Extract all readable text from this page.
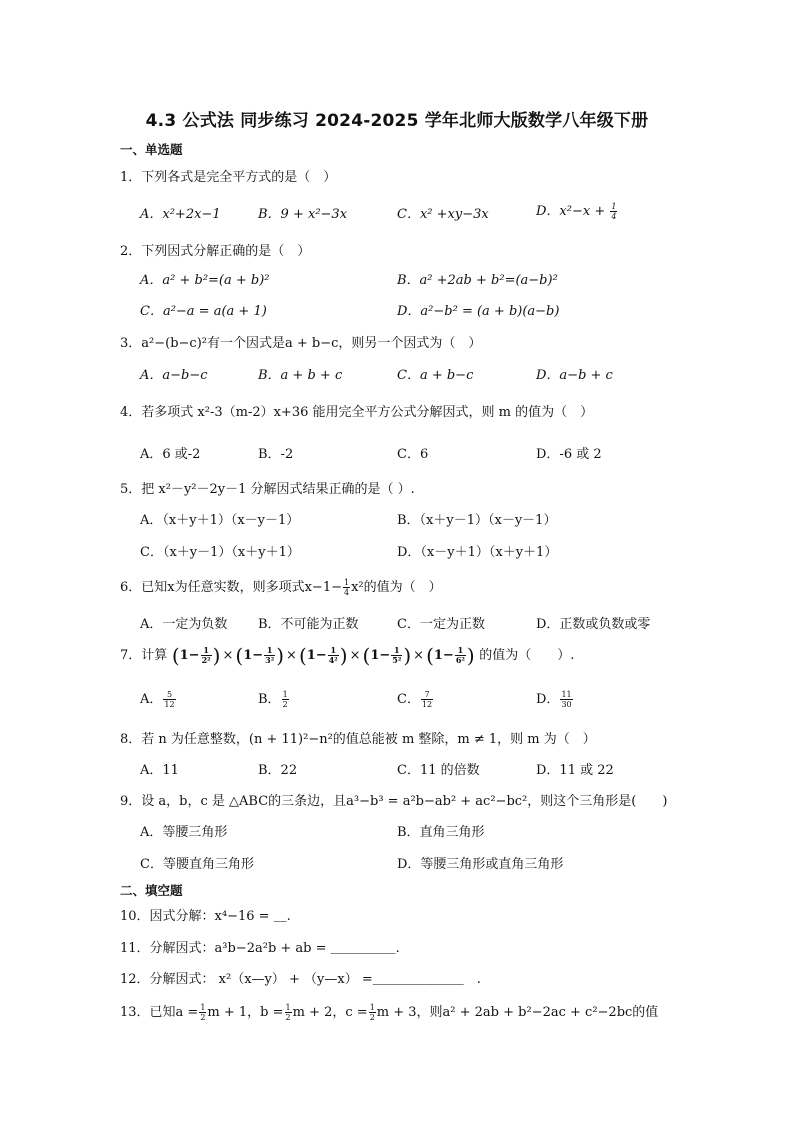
4.3 公式法 同步练习 2024-2025 学年北师大版数学八年级下册
一、单选题
1．下列各式是完全平方式的是（　）
A．x²+2x−1	B．9 + x²−3x	C．x² +xy−3x	D．$x^2-x + \frac{1}{4}$
2．下列因式分解正确的是（　）
A．a² + b²=(a + b)²	B．a² +2ab + b²=(a−b)²
C．a²−a = a(a + 1)	D．a²−b² = (a + b)(a−b)
3．a²−(b−c)²有一个因式是a + b−c，则另一个因式为（　）
A．a−b−c	B．a + b + c	C．a + b−c	D．a−b + c
4．若多项式 x²-3（m-2）x+36 能用完全平方公式分解因式，则 m 的值为（　）
A．6 或-2	B．-2	C．6	D．-6 或 2
5．把 x²－y²－2y－1 分解因式结果正确的是（ ）.
A．（x＋y＋1）（x－y－1）	B．（x＋y－1）（x－y－1）
C．（x＋y－1）（x＋y＋1）	D．（x－y＋1）（x＋y＋1）
6．已知x为任意实数，则多项式$x-1- \frac{1}{4} x^2$的值为（　）
A．一定为负数 B．不可能为正数	C．一定为正数	D．正数或负数或零
7．计算 ($1- \frac{1}{\text{2²}}$ ) × ($1- \frac{1}{\text{3²}}$ ) × ($1- \frac{1}{\text{4²}}$ ) × ($1- \frac{1}{\text{5²}}$ ) × ($1- \frac{1}{\text{6²}}$ ) 的值为（　　）.
A． $\frac{5}{12}$	B． $\frac{1}{2}$	C． $\frac{7}{12}$	D． $\frac{11}{30}$
8．若 n 为任意整数，(n + 11)²−n²的值总能被 m 整除，m ≠ 1，则 m 为（　）
A．11	B．22	C．11 的倍数	D．11 或 22
9．设 a，b，c 是 △ABC的三条边，且a³−b³ = a²b−ab² + ac²−bc²，则这个三角形是(　　)
A．等腰三角形	B．直角三角形
C．等腰直角三角形	D．等腰三角形或直角三角形
二、填空题
10．因式分解：x⁴−16 = ＿.
11．分解因式：a³b−2a²b + ab = ＿＿＿＿＿.
12．分解因式： x²（x—y） + （y—x） =＿＿＿＿＿＿＿　.
13．已知$a = \frac{1}{2}$ m + 1，$b = \frac{1}{2}$ m + 2，$c = \frac{1}{2}$ m + 3，则a² + 2ab + b²−2ac + c²−2bc的值
